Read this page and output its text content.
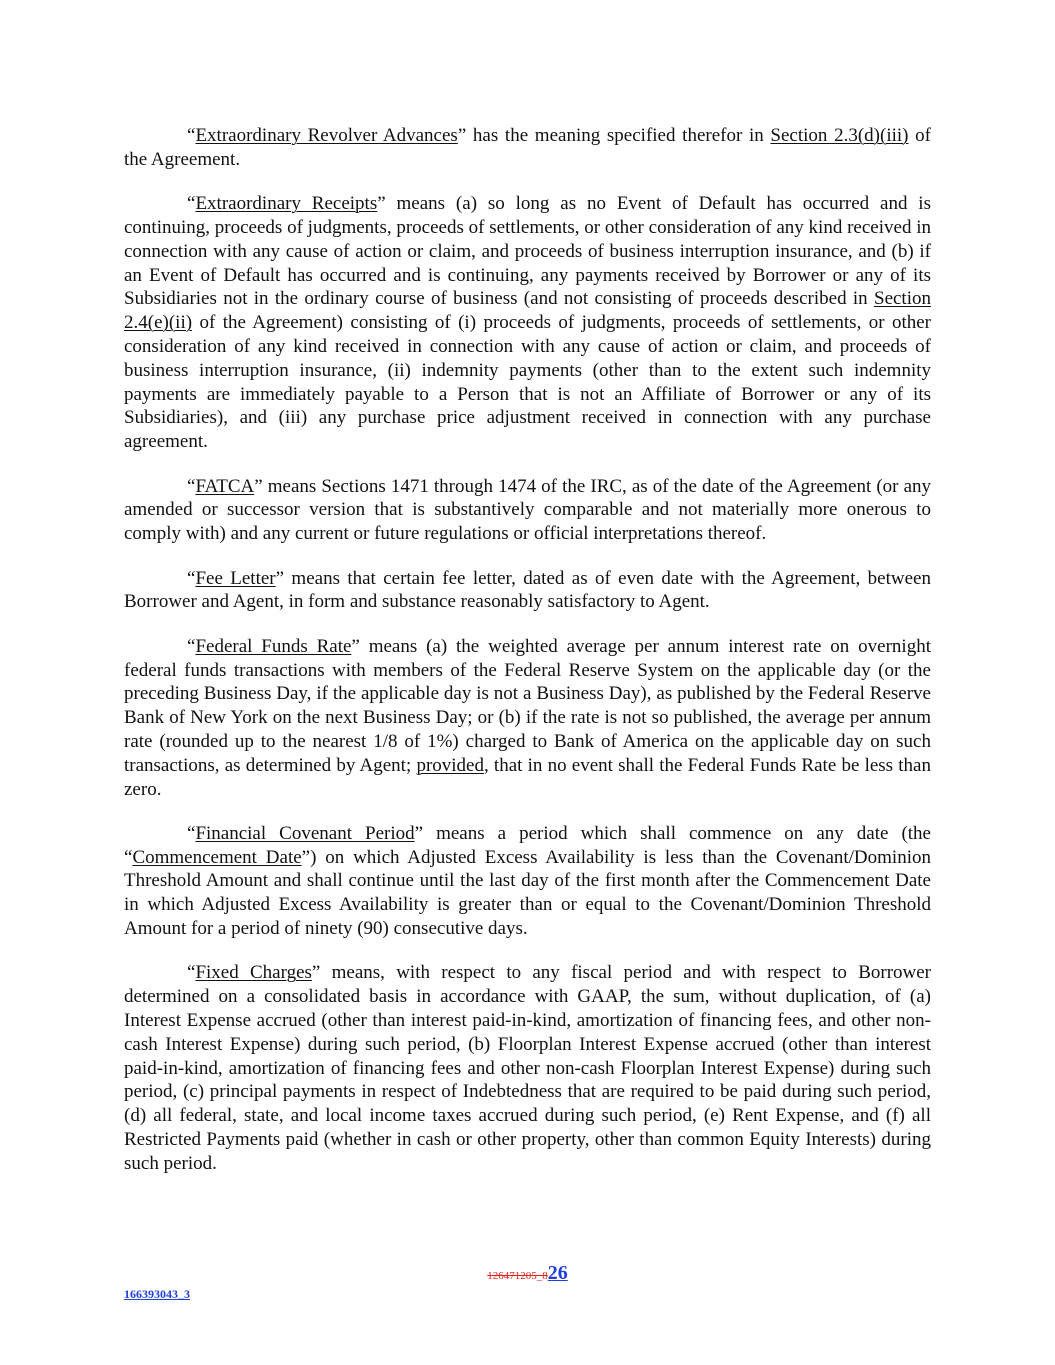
“Extraordinary Revolver Advances” has the meaning specified therefor in Section 2.3(d)(iii) of the Agreement.

“Extraordinary Receipts” means (a) so long as no Event of Default has occurred and is continuing, proceeds of judgments, proceeds of settlements, or other consideration of any kind received in connection with any cause of action or claim, and proceeds of business interruption insurance, and (b) if an Event of Default has occurred and is continuing, any payments received by Borrower or any of its Subsidiaries not in the ordinary course of business (and not consisting of proceeds described in Section 2.4(e)(ii) of the Agreement) consisting of (i) proceeds of judgments, proceeds of settlements, or other consideration of any kind received in connection with any cause of action or claim, and proceeds of business interruption insurance, (ii) indemnity payments (other than to the extent such indemnity payments are immediately payable to a Person that is not an Affiliate of Borrower or any of its Subsidiaries), and (iii) any purchase price adjustment received in connection with any purchase agreement.

“FATCA” means Sections 1471 through 1474 of the IRC, as of the date of the Agreement (or any amended or successor version that is substantively comparable and not materially more onerous to comply with) and any current or future regulations or official interpretations thereof.

“Fee Letter” means that certain fee letter, dated as of even date with the Agreement, between Borrower and Agent, in form and substance reasonably satisfactory to Agent.

“Federal Funds Rate” means (a) the weighted average per annum interest rate on overnight federal funds transactions with members of the Federal Reserve System on the applicable day (or the preceding Business Day, if the applicable day is not a Business Day), as published by the Federal Reserve Bank of New York on the next Business Day; or (b) if the rate is not so published, the average per annum rate (rounded up to the nearest 1/8 of 1%) charged to Bank of America on the applicable day on such transactions, as determined by Agent; provided, that in no event shall the Federal Funds Rate be less than zero.

“Financial Covenant Period” means a period which shall commence on any date (the “Commencement Date”) on which Adjusted Excess Availability is less than the Covenant/Dominion Threshold Amount and shall continue until the last day of the first month after the Commencement Date in which Adjusted Excess Availability is greater than or equal to the Covenant/Dominion Threshold Amount for a period of ninety (90) consecutive days.

“Fixed Charges” means, with respect to any fiscal period and with respect to Borrower determined on a consolidated basis in accordance with GAAP, the sum, without duplication, of (a) Interest Expense accrued (other than interest paid-in-kind, amortization of financing fees, and other non-cash Interest Expense) during such period, (b) Floorplan Interest Expense accrued (other than interest paid-in-kind, amortization of financing fees and other non-cash Floorplan Interest Expense) during such period, (c) principal payments in respect of Indebtedness that are required to be paid during such period, (d) all federal, state, and local income taxes accrued during such period, (e) Rent Expense, and (f) all Restricted Payments paid (whether in cash or other property, other than common Equity Interests) during such period.

126471205_826
166393043_3
